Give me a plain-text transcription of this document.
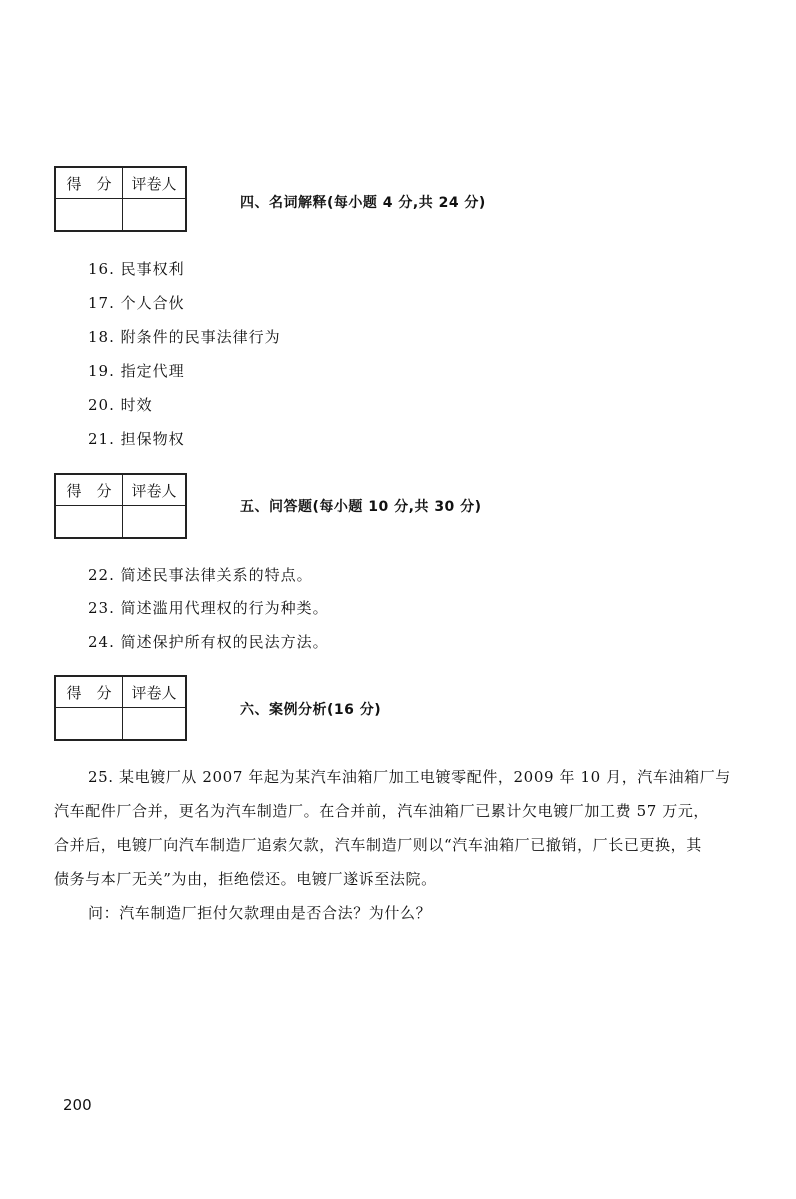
得　分	评卷人
四、名词解释(每小题 4 分,共 24 分)
16. 民事权利
17. 个人合伙
18. 附条件的民事法律行为
19. 指定代理
20. 时效
21. 担保物权
得　分	评卷人
五、问答题(每小题 10 分,共 30 分)
22. 简述民事法律关系的特点。
23. 简述滥用代理权的行为种类。
24. 简述保护所有权的民法方法。
得　分	评卷人
六、案例分析(16 分)
25. 某电镀厂从 2007 年起为某汽车油箱厂加工电镀零配件，2009 年 10 月，汽车油箱厂与
汽车配件厂合并，更名为汽车制造厂。在合并前，汽车油箱厂已累计欠电镀厂加工费 57 万元，
合并后，电镀厂向汽车制造厂追索欠款，汽车制造厂则以“汽车油箱厂已撤销，厂长已更换，其
债务与本厂无关”为由，拒绝偿还。电镀厂遂诉至法院。
问：汽车制造厂拒付欠款理由是否合法？为什么？
200
